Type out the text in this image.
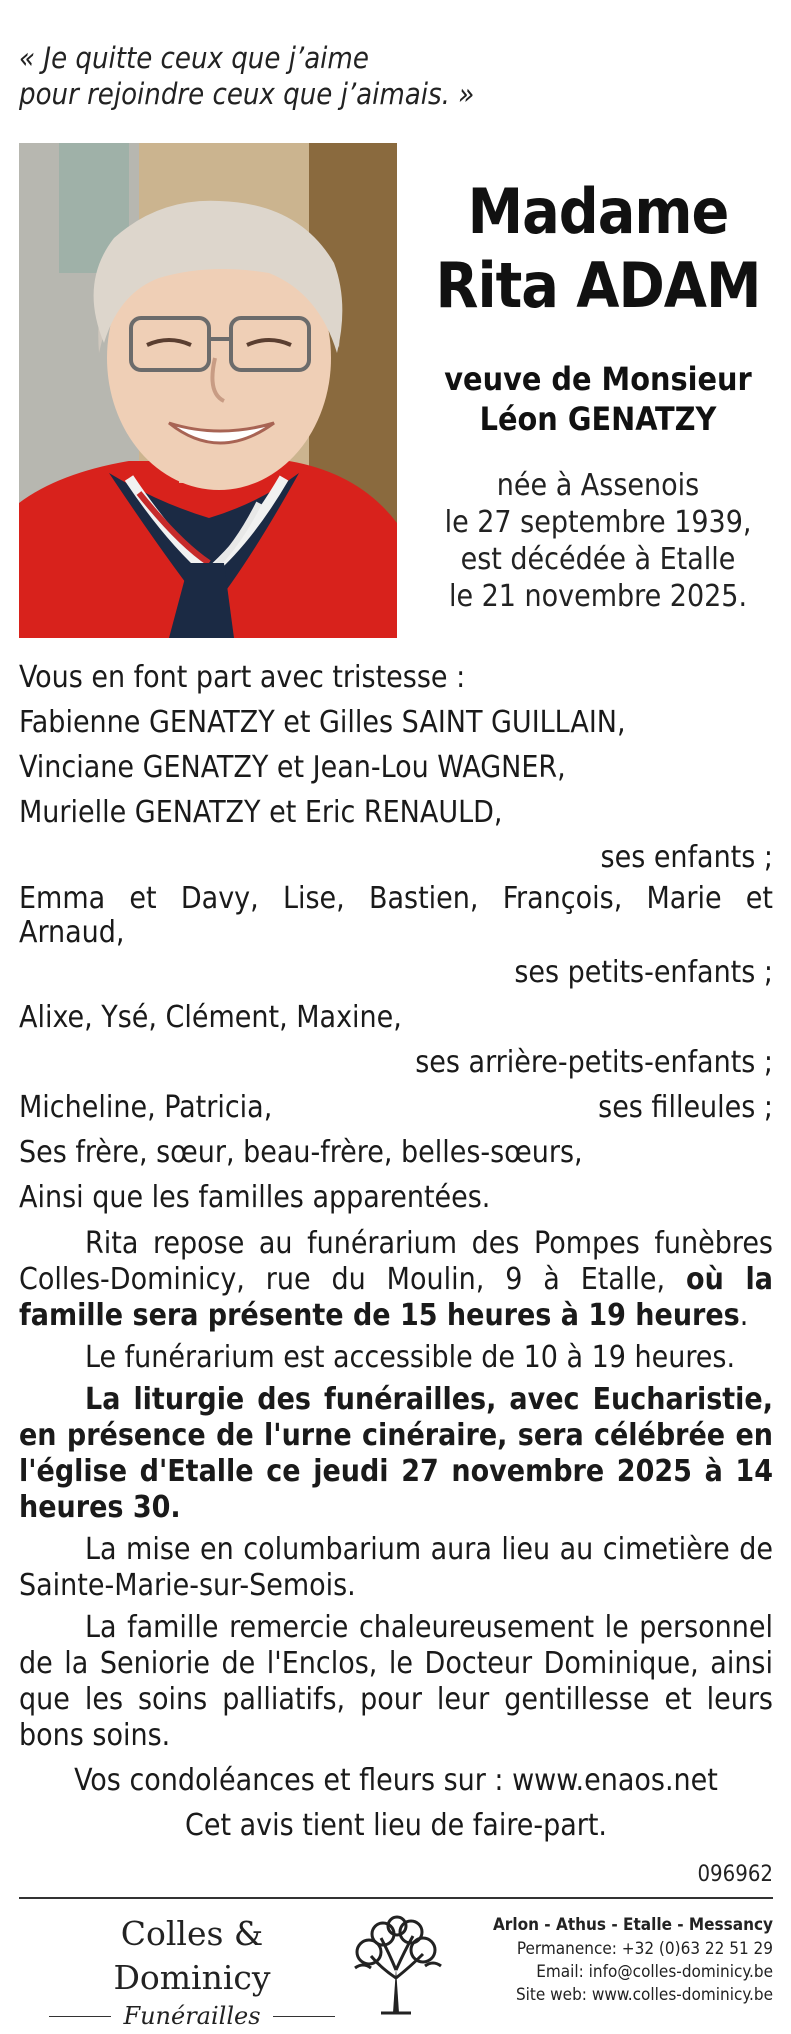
« Je quitte ceux que j’aime
pour rejoindre ceux que j’aimais. »
Madame
Rita ADAM
veuve de Monsieur
Léon GENATZY
née à Assenois
le 27 septembre 1939,
est décédée à Etalle
le 21 novembre 2025.
Vous en font part avec tristesse :
Fabienne GENATZY et Gilles SAINT GUILLAIN,
Vinciane GENATZY et Jean-Lou WAGNER,
Murielle GENATZY et Eric RENAULD,
ses enfants ;
Emma et Davy, Lise, Bastien, François, Marie et Arnaud,
ses petits-enfants ;
Alixe, Ysé, Clément, Maxine,
ses arrière-petits-enfants ;
Micheline, Patricia,	ses filleules ;
Ses frère, sœur, beau-frère, belles-sœurs,
Ainsi que les familles apparentées.
Rita repose au funérarium des Pompes funèbres Colles-Dominicy, rue du Moulin, 9 à Etalle, où la famille sera présente de 15 heures à 19 heures.
Le funérarium est accessible de 10 à 19 heures.
La liturgie des funérailles, avec Eucharistie, en présence de l'urne cinéraire, sera célébrée en l'église d'Etalle ce jeudi 27 novembre 2025 à 14 heures 30.
La mise en columbarium aura lieu au cimetière de Sainte-Marie-sur-Semois.
La famille remercie chaleureusement le personnel de la Seniorie de l'Enclos, le Docteur Dominique, ainsi que les soins palliatifs, pour leur gentillesse et leurs bons soins.
Vos condoléances et fleurs sur : www.enaos.net
Cet avis tient lieu de faire-part.
096962
Colles & Dominicy
Funérailles
Arlon - Athus - Etalle - Messancy
Permanence: +32 (0)63 22 51 29
Email: info@colles-dominicy.be
Site web: www.colles-dominicy.be
